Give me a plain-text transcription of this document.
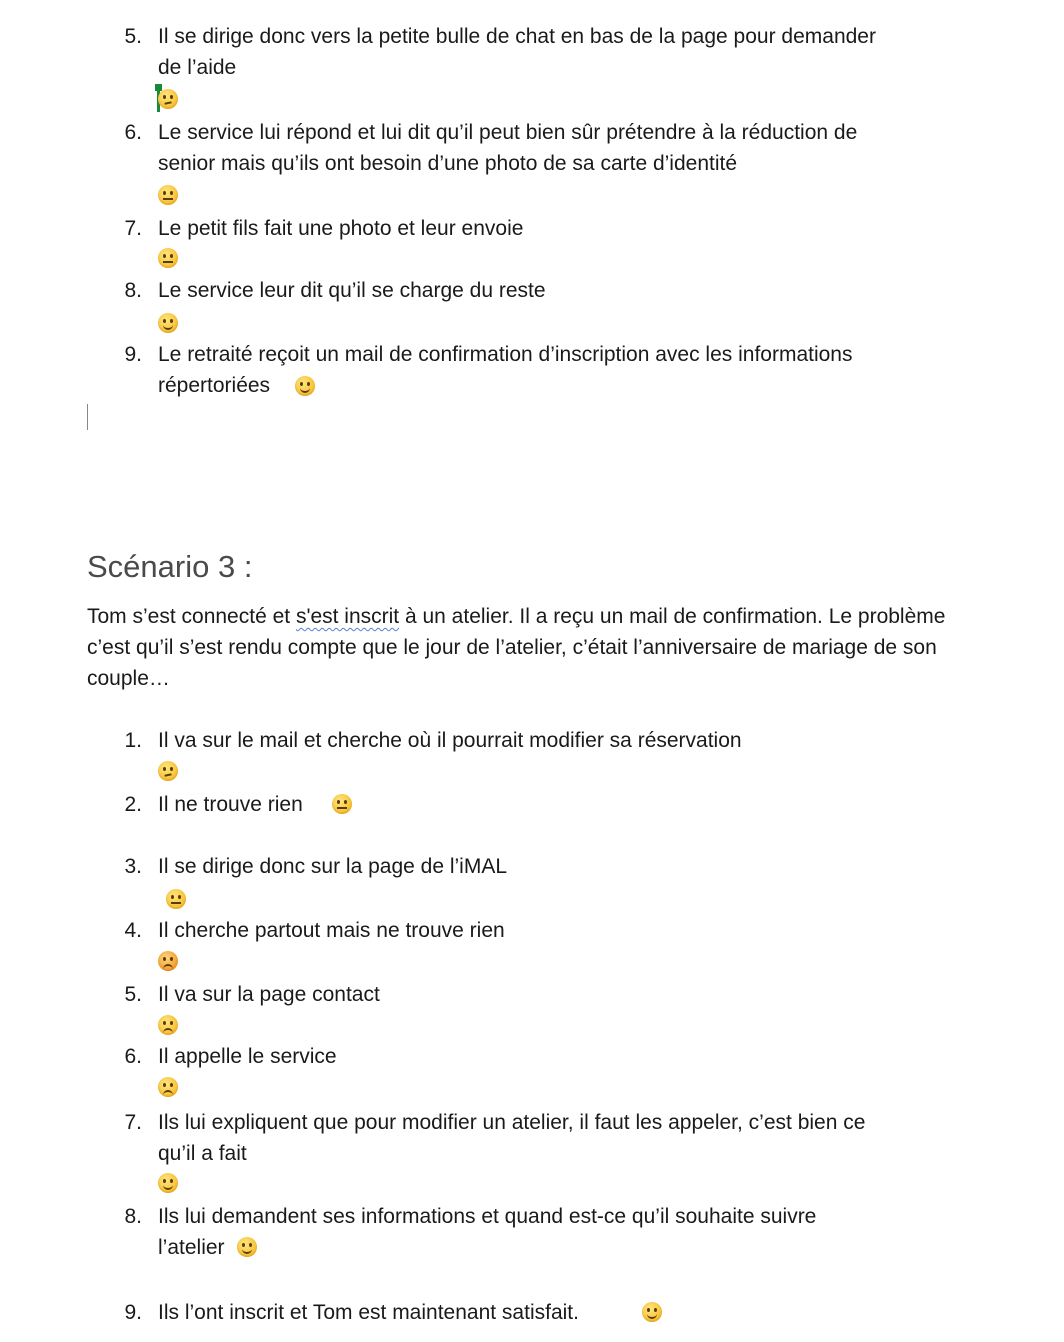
5. Il se dirige donc vers la petite bulle de chat en bas de la page pour demander
de l’aide
6. Le service lui répond et lui dit qu’il peut bien sûr prétendre à la réduction de
senior mais qu’ils ont besoin d’une photo de sa carte d’identité
7. Le petit fils fait une photo et leur envoie
8. Le service leur dit qu’il se charge du reste
9. Le retraité reçoit un mail de confirmation d’inscription avec les informations
répertoriées
Scénario 3 :
Tom s’est connecté et s'est inscrit à un atelier. Il a reçu un mail de confirmation. Le problème c’est qu’il s’est rendu compte que le jour de l’atelier, c’était l’anniversaire de mariage de son couple…
1. Il va sur le mail et cherche où il pourrait modifier sa réservation
2. Il ne trouve rien
3. Il se dirige donc sur la page de l’iMAL
4. Il cherche partout mais ne trouve rien
5. Il va sur la page contact
6. Il appelle le service
7. Ils lui expliquent que pour modifier un atelier, il faut les appeler, c’est bien ce
qu’il a fait
8. Ils lui demandent ses informations et quand est-ce qu’il souhaite suivre
l’atelier
9. Ils l’ont inscrit et Tom est maintenant satisfait.
